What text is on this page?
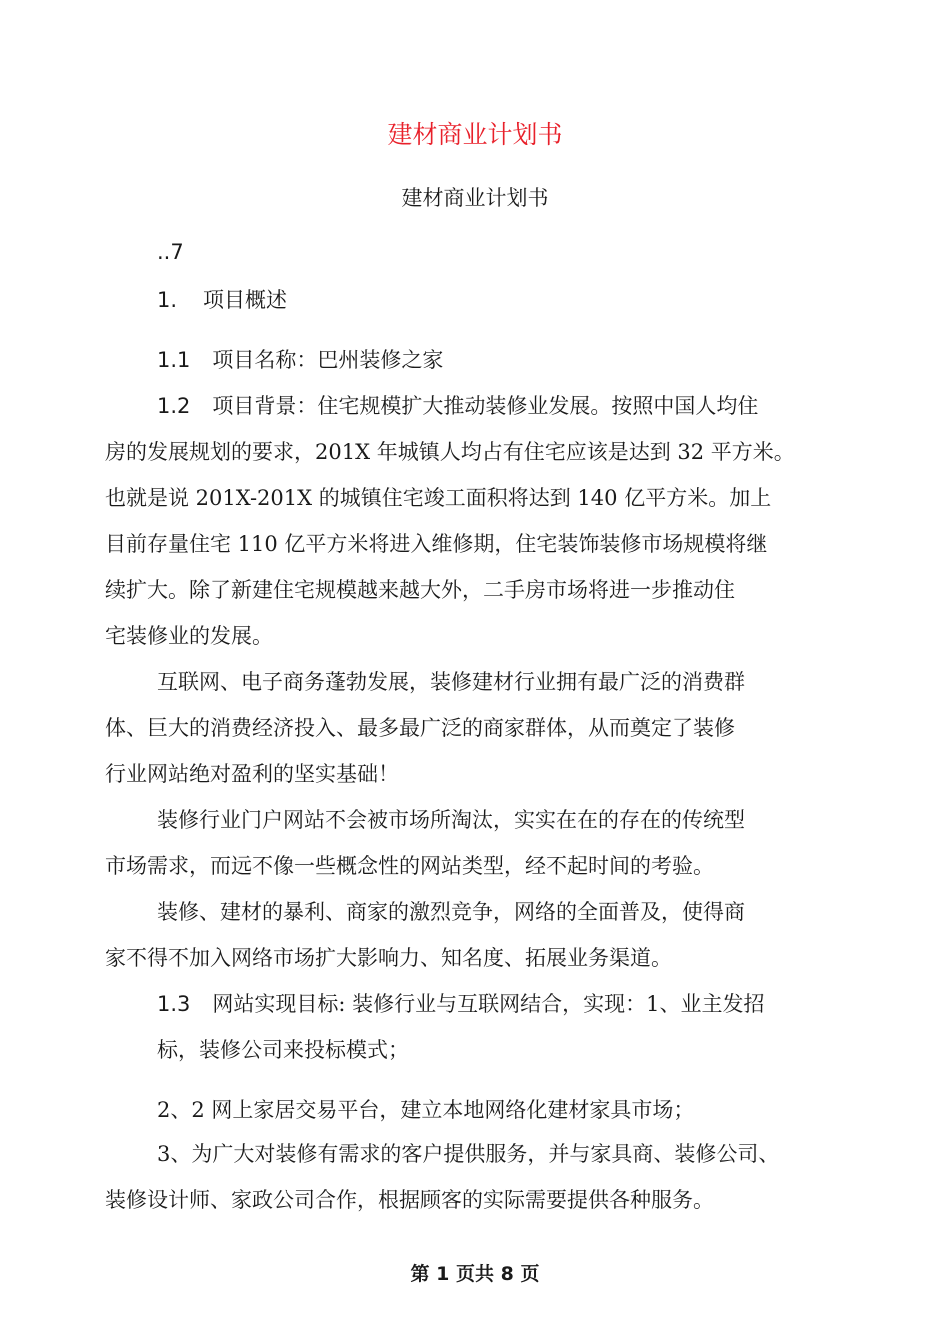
建材商业计划书
建材商业计划书
..7
1. 项目概述
1.1 项目名称：巴州装修之家
1.2 项目背景：住宅规模扩大推动装修业发展。按照中国人均住
房的发展规划的要求，201X 年城镇人均占有住宅应该是达到 32 平方米。
也就是说 201X-201X 的城镇住宅竣工面积将达到 140 亿平方米。加上
目前存量住宅 110 亿平方米将进入维修期，住宅装饰装修市场规模将继
续扩大。除了新建住宅规模越来越大外，二手房市场将进一步推动住
宅装修业的发展。
互联网、电子商务蓬勃发展，装修建材行业拥有最广泛的消费群
体、巨大的消费经济投入、最多最广泛的商家群体，从而奠定了装修
行业网站绝对盈利的坚实基础！
装修行业门户网站不会被市场所淘汰，实实在在的存在的传统型
市场需求，而远不像一些概念性的网站类型，经不起时间的考验。
装修、建材的暴利、商家的激烈竞争，网络的全面普及，使得商
家不得不加入网络市场扩大影响力、知名度、拓展业务渠道。
1.3 网站实现目标: 装修行业与互联网结合，实现：1、业主发招
标，装修公司来投标模式；
2、2 网上家居交易平台，建立本地网络化建材家具市场；
3、为广大对装修有需求的客户提供服务，并与家具商、装修公司、
装修设计师、家政公司合作，根据顾客的实际需要提供各种服务。
第 1 页共 8 页
